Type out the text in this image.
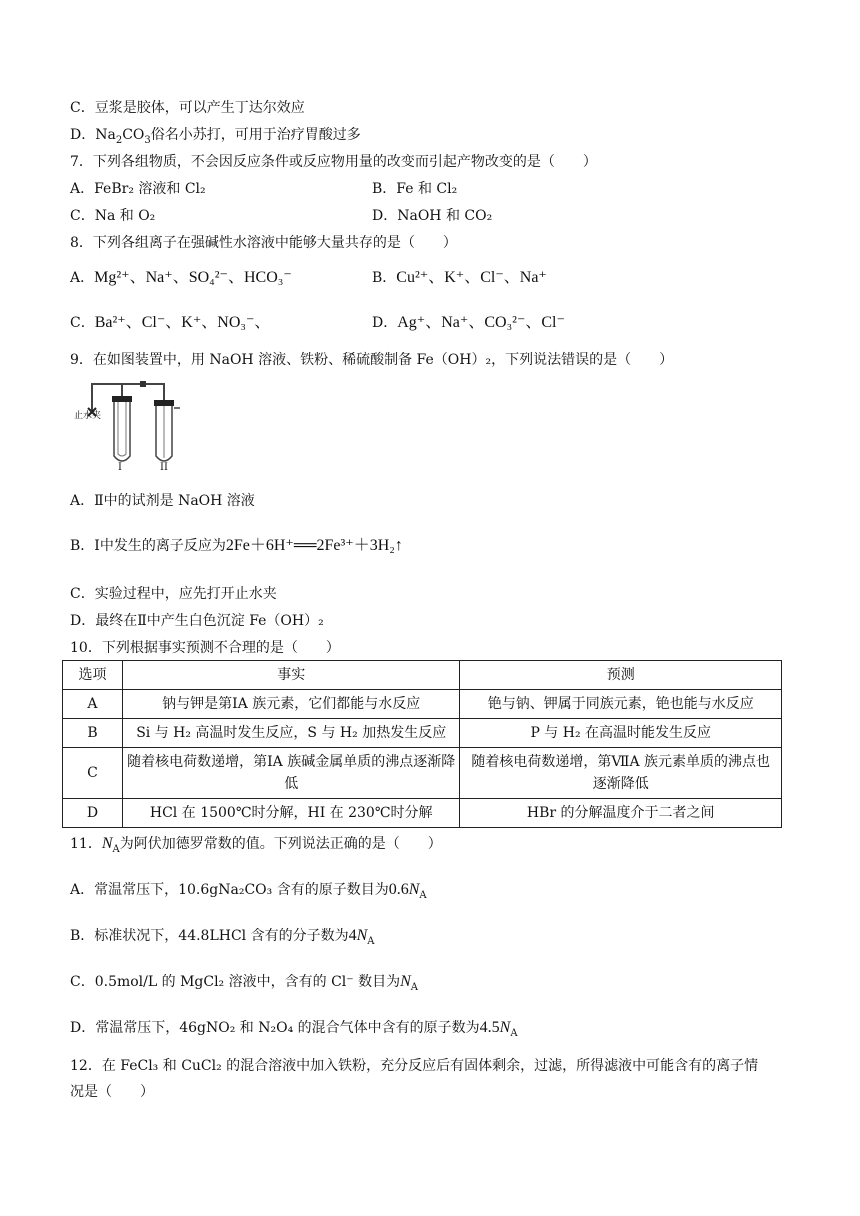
C．豆浆是胶体，可以产生丁达尔效应
D．$Na_2CO_3$俗名小苏打，可用于治疗胃酸过多
7．下列各组物质，不会因反应条件或反应物用量的改变而引起产物改变的是（　　）
A．FeBr₂ 溶液和 Cl₂	B．Fe 和 Cl₂
C．Na 和 O₂	D．NaOH 和 CO₂
8．下列各组离子在强碱性水溶液中能够大量共存的是（　　）
A．Mg²⁺、Na⁺、SO₄²⁻、HCO₃⁻	B．Cu²⁺、K⁺、Cl⁻、Na⁺
C．Ba²⁺、Cl⁻、K⁺、NO₃⁻、	D．Ag⁺、Na⁺、CO₃²⁻、Cl⁻
9．在如图装置中，用 NaOH 溶液、铁粉、稀硫酸制备 Fe（OH）₂，下列说法错误的是（　　）
止水夹
I	II
A．Ⅱ中的试剂是 NaOH 溶液
B．Ⅰ中发生的离子反应为2Fe＋6H⁺══2Fe³⁺＋3H₂↑
C．实验过程中，应先打开止水夹
D．最终在Ⅱ中产生白色沉淀 Fe（OH）₂
10．下列根据事实预测不合理的是（　　）
选项	事实	预测
A	钠与钾是第ⅠA 族元素，它们都能与水反应	铯与钠、钾属于同族元素，铯也能与水反应
B	Si 与 H₂ 高温时发生反应，S 与 H₂ 加热发生反应	P 与 H₂ 在高温时能发生反应
C	随着核电荷数递增，第ⅠA 族碱金属单质的沸点逐渐降低	随着核电荷数递增，第ⅦA 族元素单质的沸点也逐渐降低
D	HCl 在 1500℃时分解，HI 在 230℃时分解	HBr 的分解温度介于二者之间
11．$N_A$为阿伏加德罗常数的值。下列说法正确的是（　　）
A．常温常压下，10.6gNa₂CO₃ 含有的原子数目为$0.6N_A$
B．标准状况下，44.8LHCl 含有的分子数为$4N_A$
C．0.5mol/L 的 MgCl₂ 溶液中，含有的 Cl⁻ 数目为$N_A$
D．常温常压下，46gNO₂ 和 N₂O₄ 的混合气体中含有的原子数为$4.5N_A$
12．在 FeCl₃ 和 CuCl₂ 的混合溶液中加入铁粉，充分反应后有固体剩余，过滤，所得滤液中可能含有的离子情
况是（　　）
